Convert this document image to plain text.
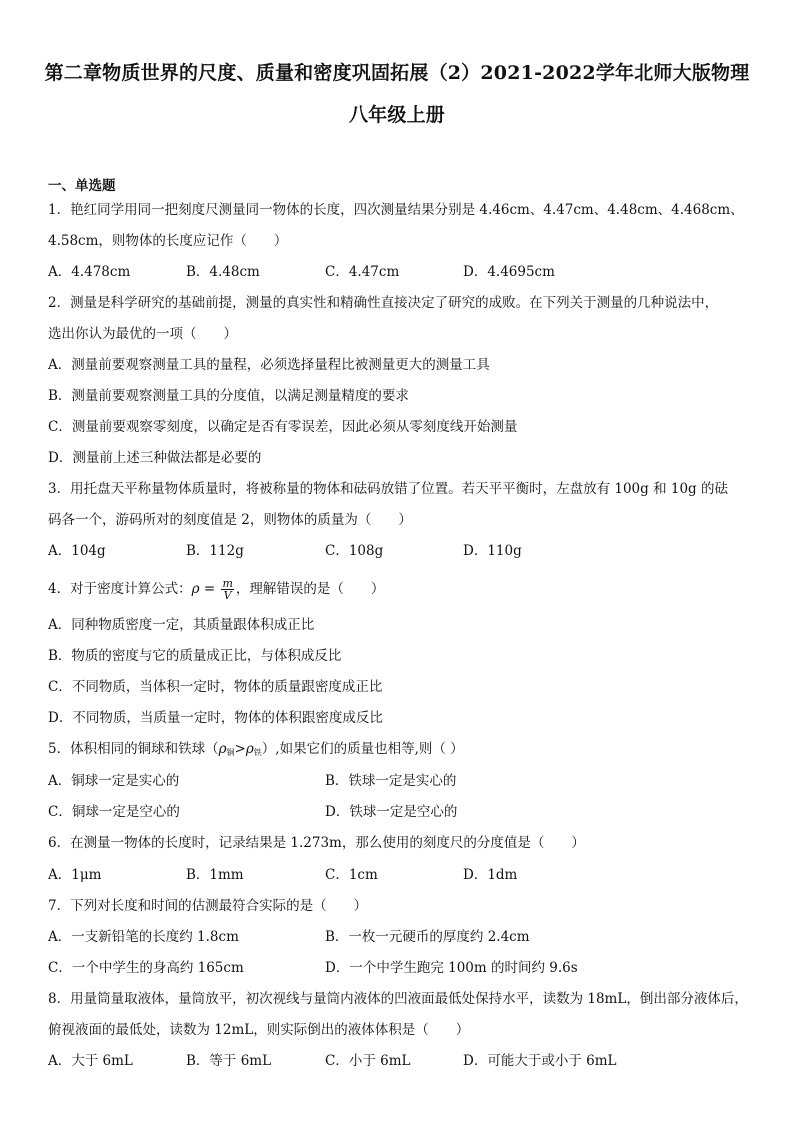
第二章物质世界的尺度、质量和密度巩固拓展（2）2021-2022学年北师大版物理
八年级上册
一、单选题
1．艳红同学用同一把刻度尺测量同一物体的长度，四次测量结果分别是 4.46cm、4.47cm、4.48cm、4.468cm、
4.58cm，则物体的长度应记作（　　）
A．4.478cm	B．4.48cm	C．4.47cm	D．4.4695cm
2．测量是科学研究的基础前提，测量的真实性和精确性直接决定了研究的成败。在下列关于测量的几种说法中，
选出你认为最优的一项（　　）
A．测量前要观察测量工具的量程，必须选择量程比被测量更大的测量工具
B．测量前要观察测量工具的分度值，以满足测量精度的要求
C．测量前要观察零刻度，以确定是否有零误差，因此必须从零刻度线开始测量
D．测量前上述三种做法都是必要的
3．用托盘天平称量物体质量时，将被称量的物体和砝码放错了位置。若天平平衡时，左盘放有 100g 和 10g 的砝
码各一个，游码所对的刻度值是 2，则物体的质量为（　　）
A．104g	B．112g	C．108g	D．110g
4．对于密度计算公式：$\rho = \frac{m}{V}$ ，理解错误的是（　　）
A．同种物质密度一定，其质量跟体积成正比
B．物质的密度与它的质量成正比，与体积成反比
C．不同物质，当体积一定时，物体的质量跟密度成正比
D．不同物质，当质量一定时，物体的体积跟密度成反比
5．体积相同的铜球和铁球$(\rho_铜>\rho_铁)$,如果它们的质量也相等,则（ ）
A．铜球一定是实心的	B．铁球一定是实心的
C．铜球一定是空心的	D．铁球一定是空心的
6．在测量一物体的长度时，记录结果是 1.273m，那么使用的刻度尺的分度值是（　　）
A．1μm	B．1mm	C．1cm	D．1dm
7．下列对长度和时间的估测最符合实际的是（　　）
A．一支新铅笔的长度约 1.8cm	B．一枚一元硬币的厚度约 2.4cm
C．一个中学生的身高约 165cm	D．一个中学生跑完 100m 的时间约 9.6s
8．用量筒量取液体，量筒放平，初次视线与量筒内液体的凹液面最低处保持水平，读数为 18mL，倒出部分液体后，
俯视液面的最低处，读数为 12mL，则实际倒出的液体体积是（　　）
A．大于 6mL	B．等于 6mL	C．小于 6mL	D．可能大于或小于 6mL
